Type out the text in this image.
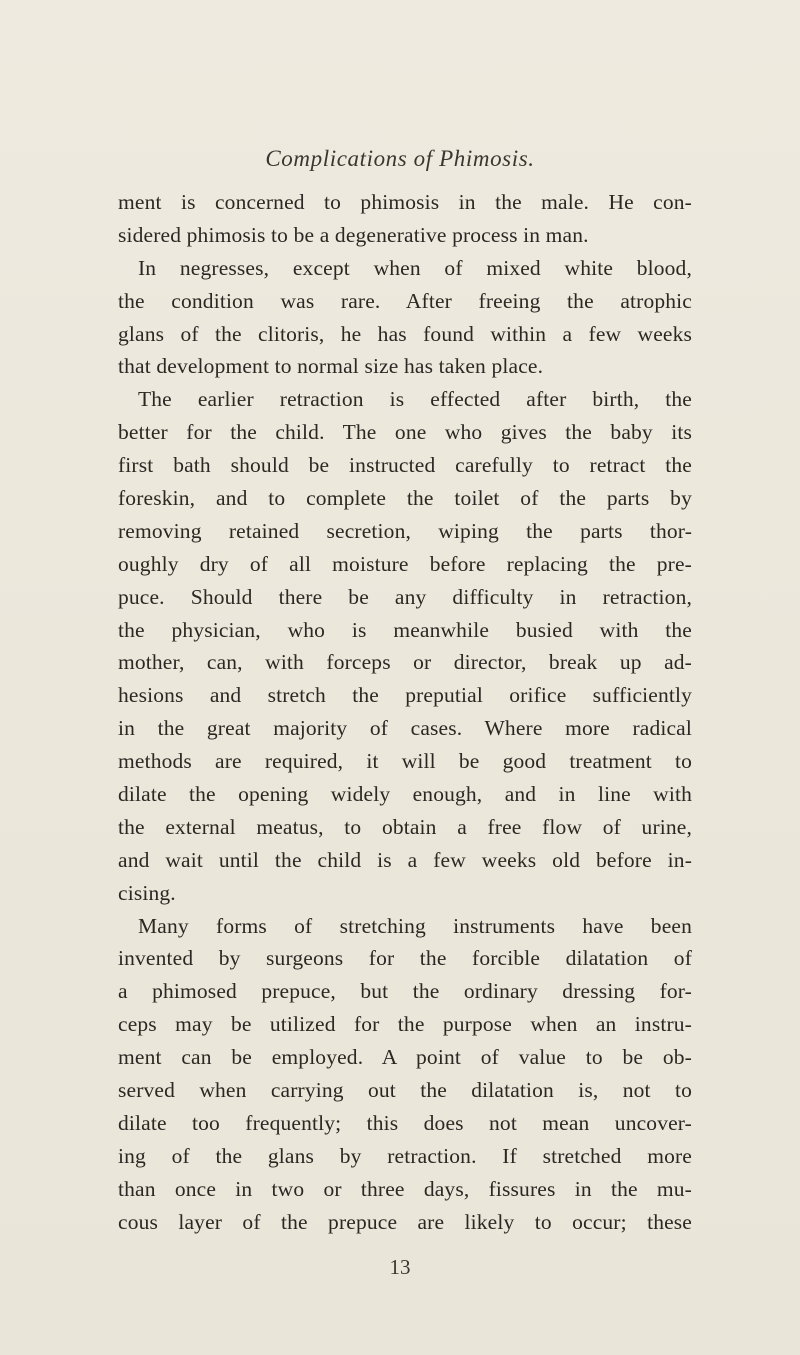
Complications of Phimosis.
ment is concerned to phimosis in the male. He con-
sidered phimosis to be a degenerative process in man.
In negresses, except when of mixed white blood,
the condition was rare. After freeing the atrophic
glans of the clitoris, he has found within a few weeks
that development to normal size has taken place.
The earlier retraction is effected after birth, the
better for the child. The one who gives the baby its
first bath should be instructed carefully to retract the
foreskin, and to complete the toilet of the parts by
removing retained secretion, wiping the parts thor-
oughly dry of all moisture before replacing the pre-
puce. Should there be any difficulty in retraction,
the physician, who is meanwhile busied with the
mother, can, with forceps or director, break up ad-
hesions and stretch the preputial orifice sufficiently
in the great majority of cases. Where more radical
methods are required, it will be good treatment to
dilate the opening widely enough, and in line with
the external meatus, to obtain a free flow of urine,
and wait until the child is a few weeks old before in-
cising.
Many forms of stretching instruments have been
invented by surgeons for the forcible dilatation of
a phimosed prepuce, but the ordinary dressing for-
ceps may be utilized for the purpose when an instru-
ment can be employed. A point of value to be ob-
served when carrying out the dilatation is, not to
dilate too frequently; this does not mean uncover-
ing of the glans by retraction. If stretched more
than once in two or three days, fissures in the mu-
cous layer of the prepuce are likely to occur; these
13
